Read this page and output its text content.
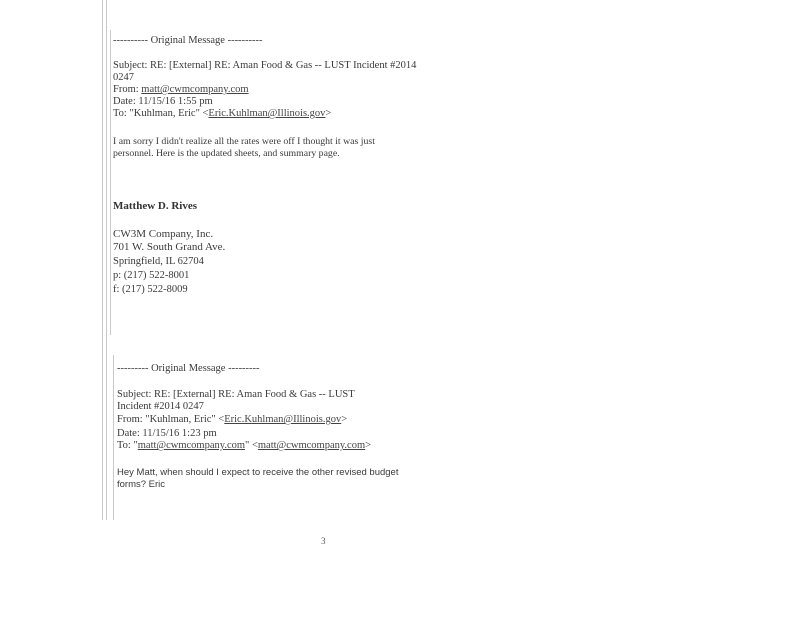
---------- Original Message ----------
Subject: RE: [External] RE: Aman Food & Gas -- LUST Incident #2014
0247
From: matt@cwmcompany.com
Date: 11/15/16 1:55 pm
To: "Kuhlman, Eric" <Eric.Kuhlman@Illinois.gov>
I am sorry I didn't realize all the rates were off I thought it was just
personnel. Here is the updated sheets, and summary page.
Matthew D. Rives
CW3M Company, Inc.
701 W. South Grand Ave.
Springfield, IL 62704
p: (217) 522-8001
f: (217) 522-8009
--------- Original Message ---------
Subject: RE: [External] RE: Aman Food & Gas -- LUST
Incident #2014 0247
From: "Kuhlman, Eric" <Eric.Kuhlman@Illinois.gov>
Date: 11/15/16 1:23 pm
To: "matt@cwmcompany.com" <matt@cwmcompany.com>
Hey Matt, when should I expect to receive the other revised budget
forms? Eric
3
